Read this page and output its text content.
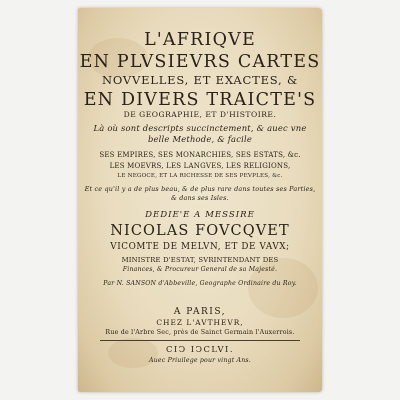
L'AFRIQVE
EN PLVSIEVRS CARTES
NOVVELLES, ET EXACTES, &
EN DIVERS TRAICTE'S
DE GEOGRAPHIE, ET D'HISTOIRE.
Là où sont descripts succinctement, & auec vne
belle Methode, & facile
SES EMPIRES, SES MONARCHIES, SES ESTATS, &c.
LES MOEVRS, LES LANGVES, LES RELIGIONS,
LE NEGOCE, ET LA RICHESSE DE SES PEVPLES, &c.
Et ce qu'il y a de plus beau, & de plus rare dans toutes ses Parties,
& dans ses Isles.
DEDIE'E A MESSIRE
NICOLAS FOVCQVET
VICOMTE DE MELVN, ET DE VAVX;
MINISTRE D'ESTAT, SVRINTENDANT DES
Finances, & Procureur General de sa Majesté.
Par N. SANSON d'Abbeville, Geographe Ordinaire du Roy.
A PARIS,
CHEZ L'AVTHEVR,
Rue de l'Arbre Sec, près de Sainct Germain l'Auxerrois.
CIↃ IↃCLVI.
Auec Priuilege pour vingt Ans.
